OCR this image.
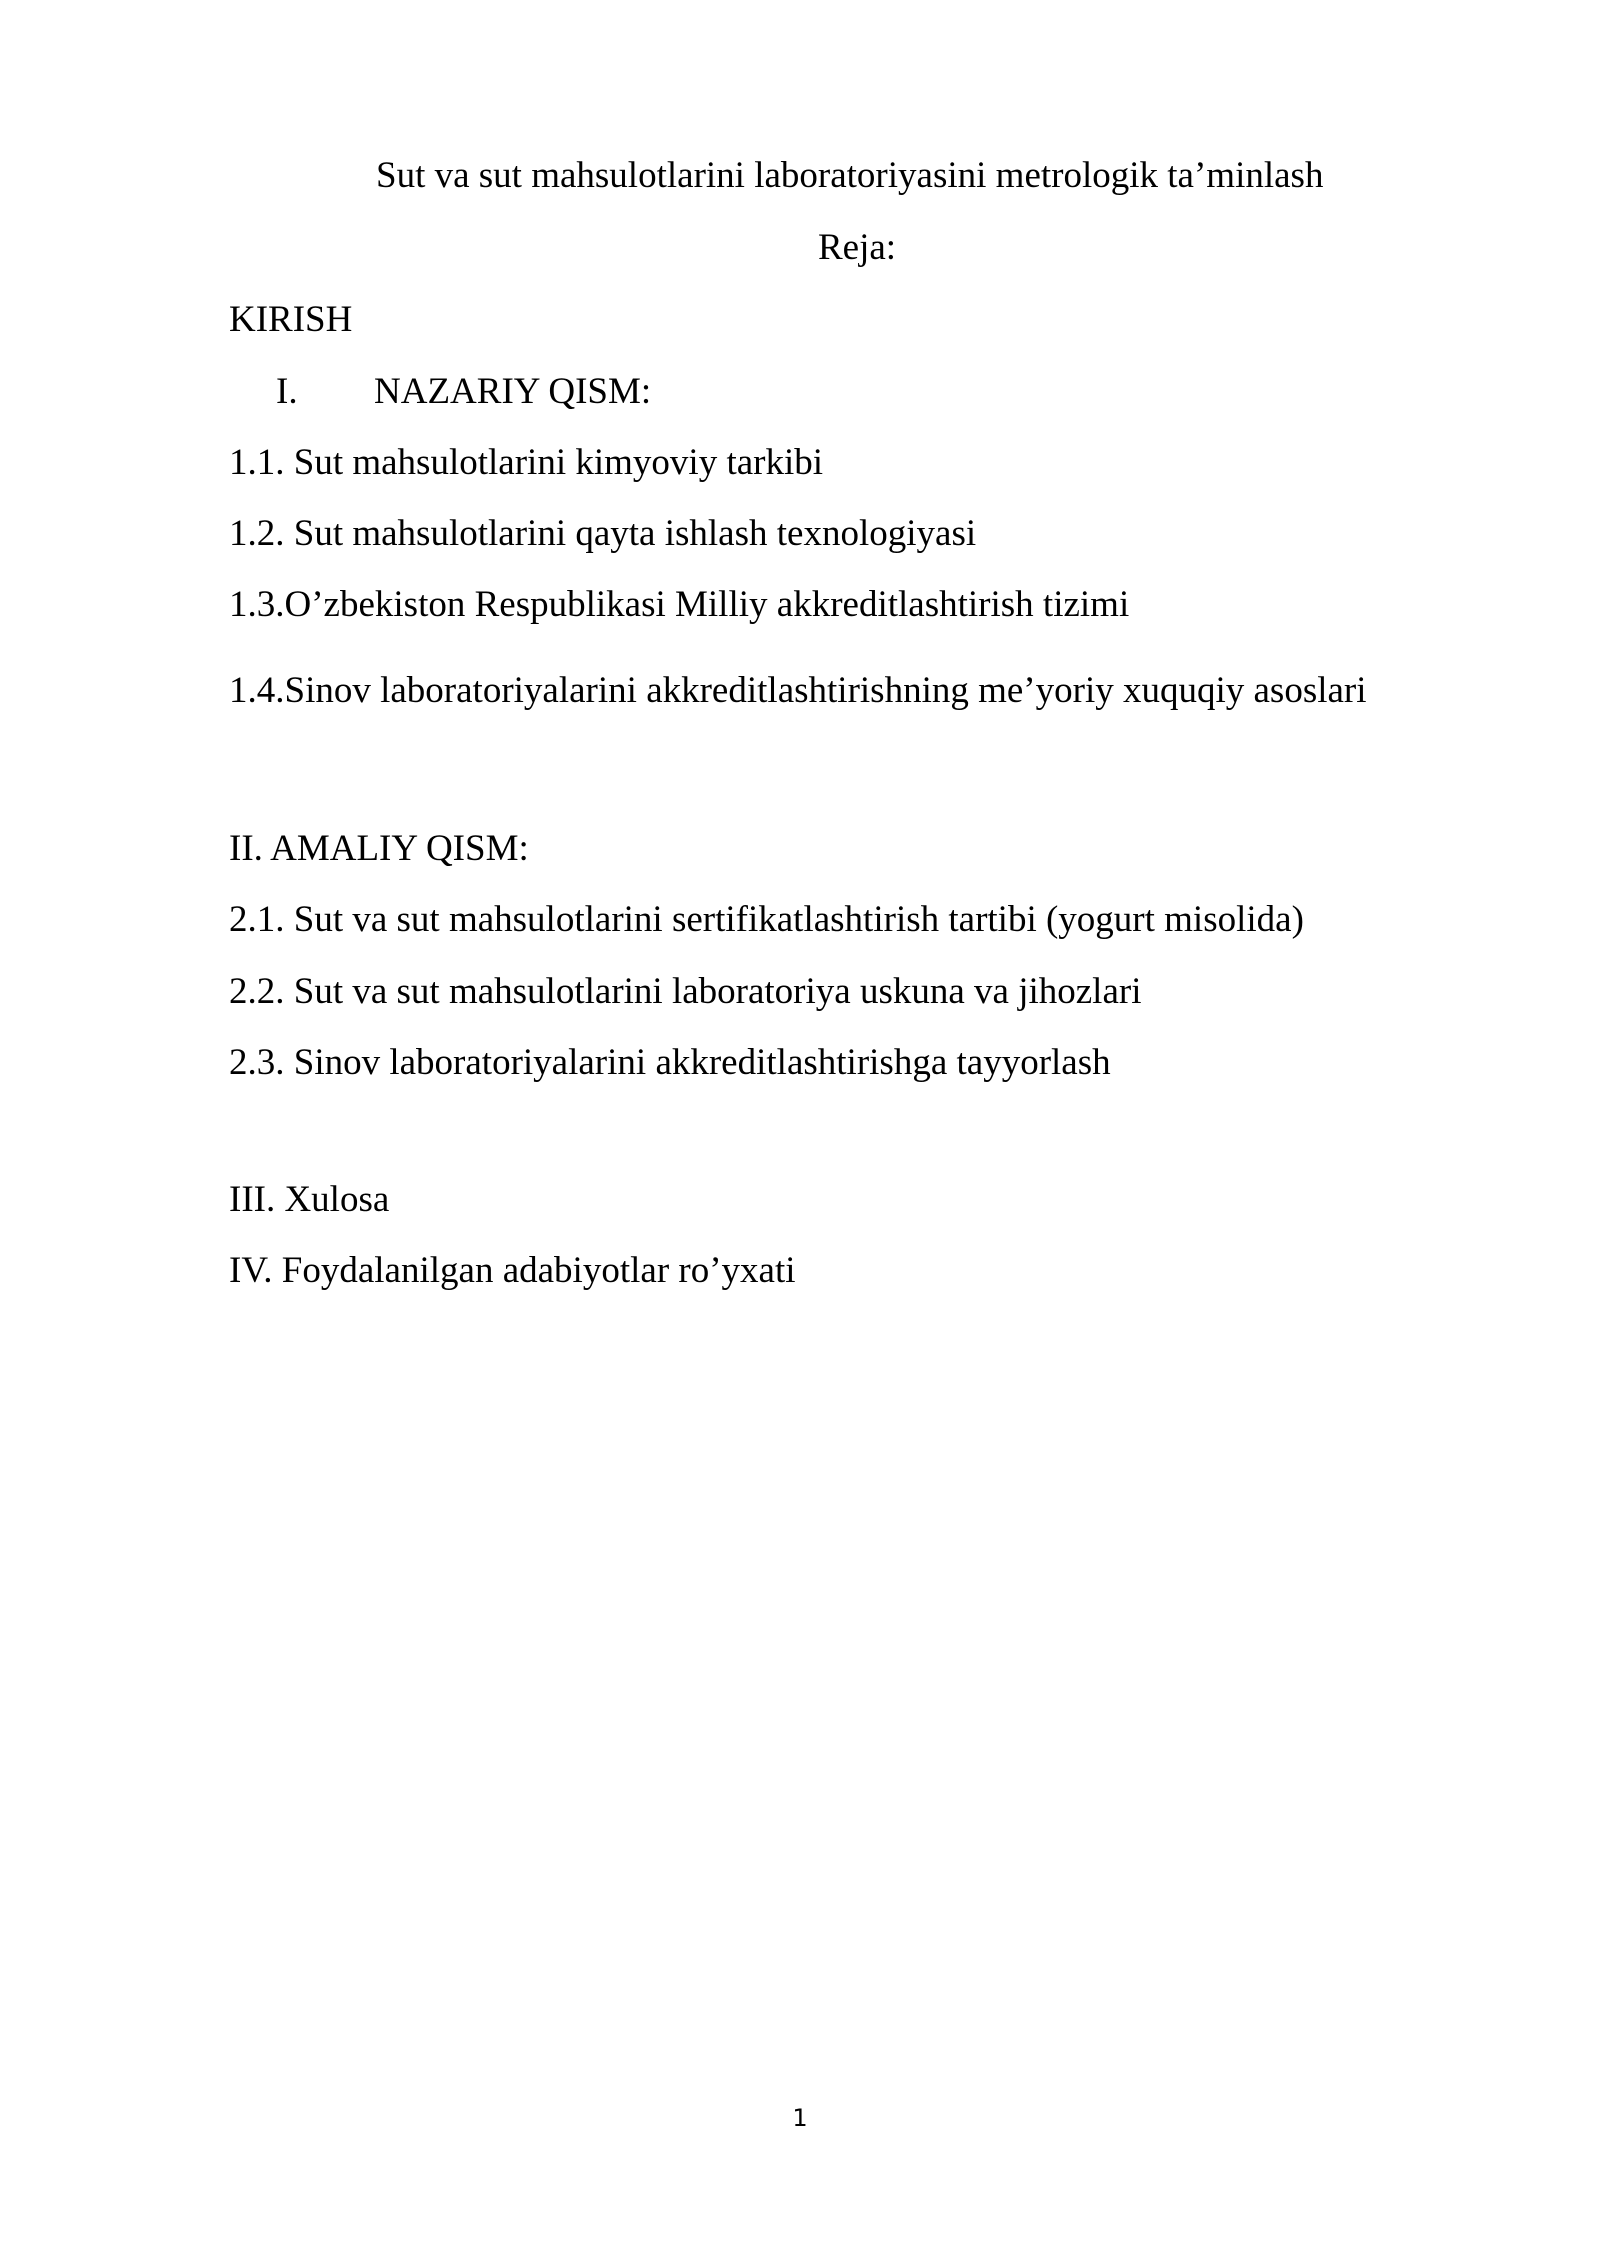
Sut va sut mahsulotlarini laboratoriyasini metrologik ta’minlash
Reja:

KIRISH

I. NAZARIY QISM:

1.1. Sut mahsulotlarini kimyoviy tarkibi

1.2. Sut mahsulotlarini qayta ishlash texnologiyasi

1.3.O’zbekiston Respublikasi Milliy akkreditlashtirish tizimi

1.4.Sinov laboratoriyalarini akkreditlashtirishning me’yoriy xuquqiy asoslari

II. AMALIY QISM:

2.1. Sut va sut mahsulotlarini sertifikatlashtirish tartibi (yogurt misolida)

2.2. Sut va sut mahsulotlarini laboratoriya uskuna va jihozlari

2.3. Sinov laboratoriyalarini akkreditlashtirishga tayyorlash

III. Xulosa

IV. Foydalanilgan adabiyotlar ro’yxati

1
